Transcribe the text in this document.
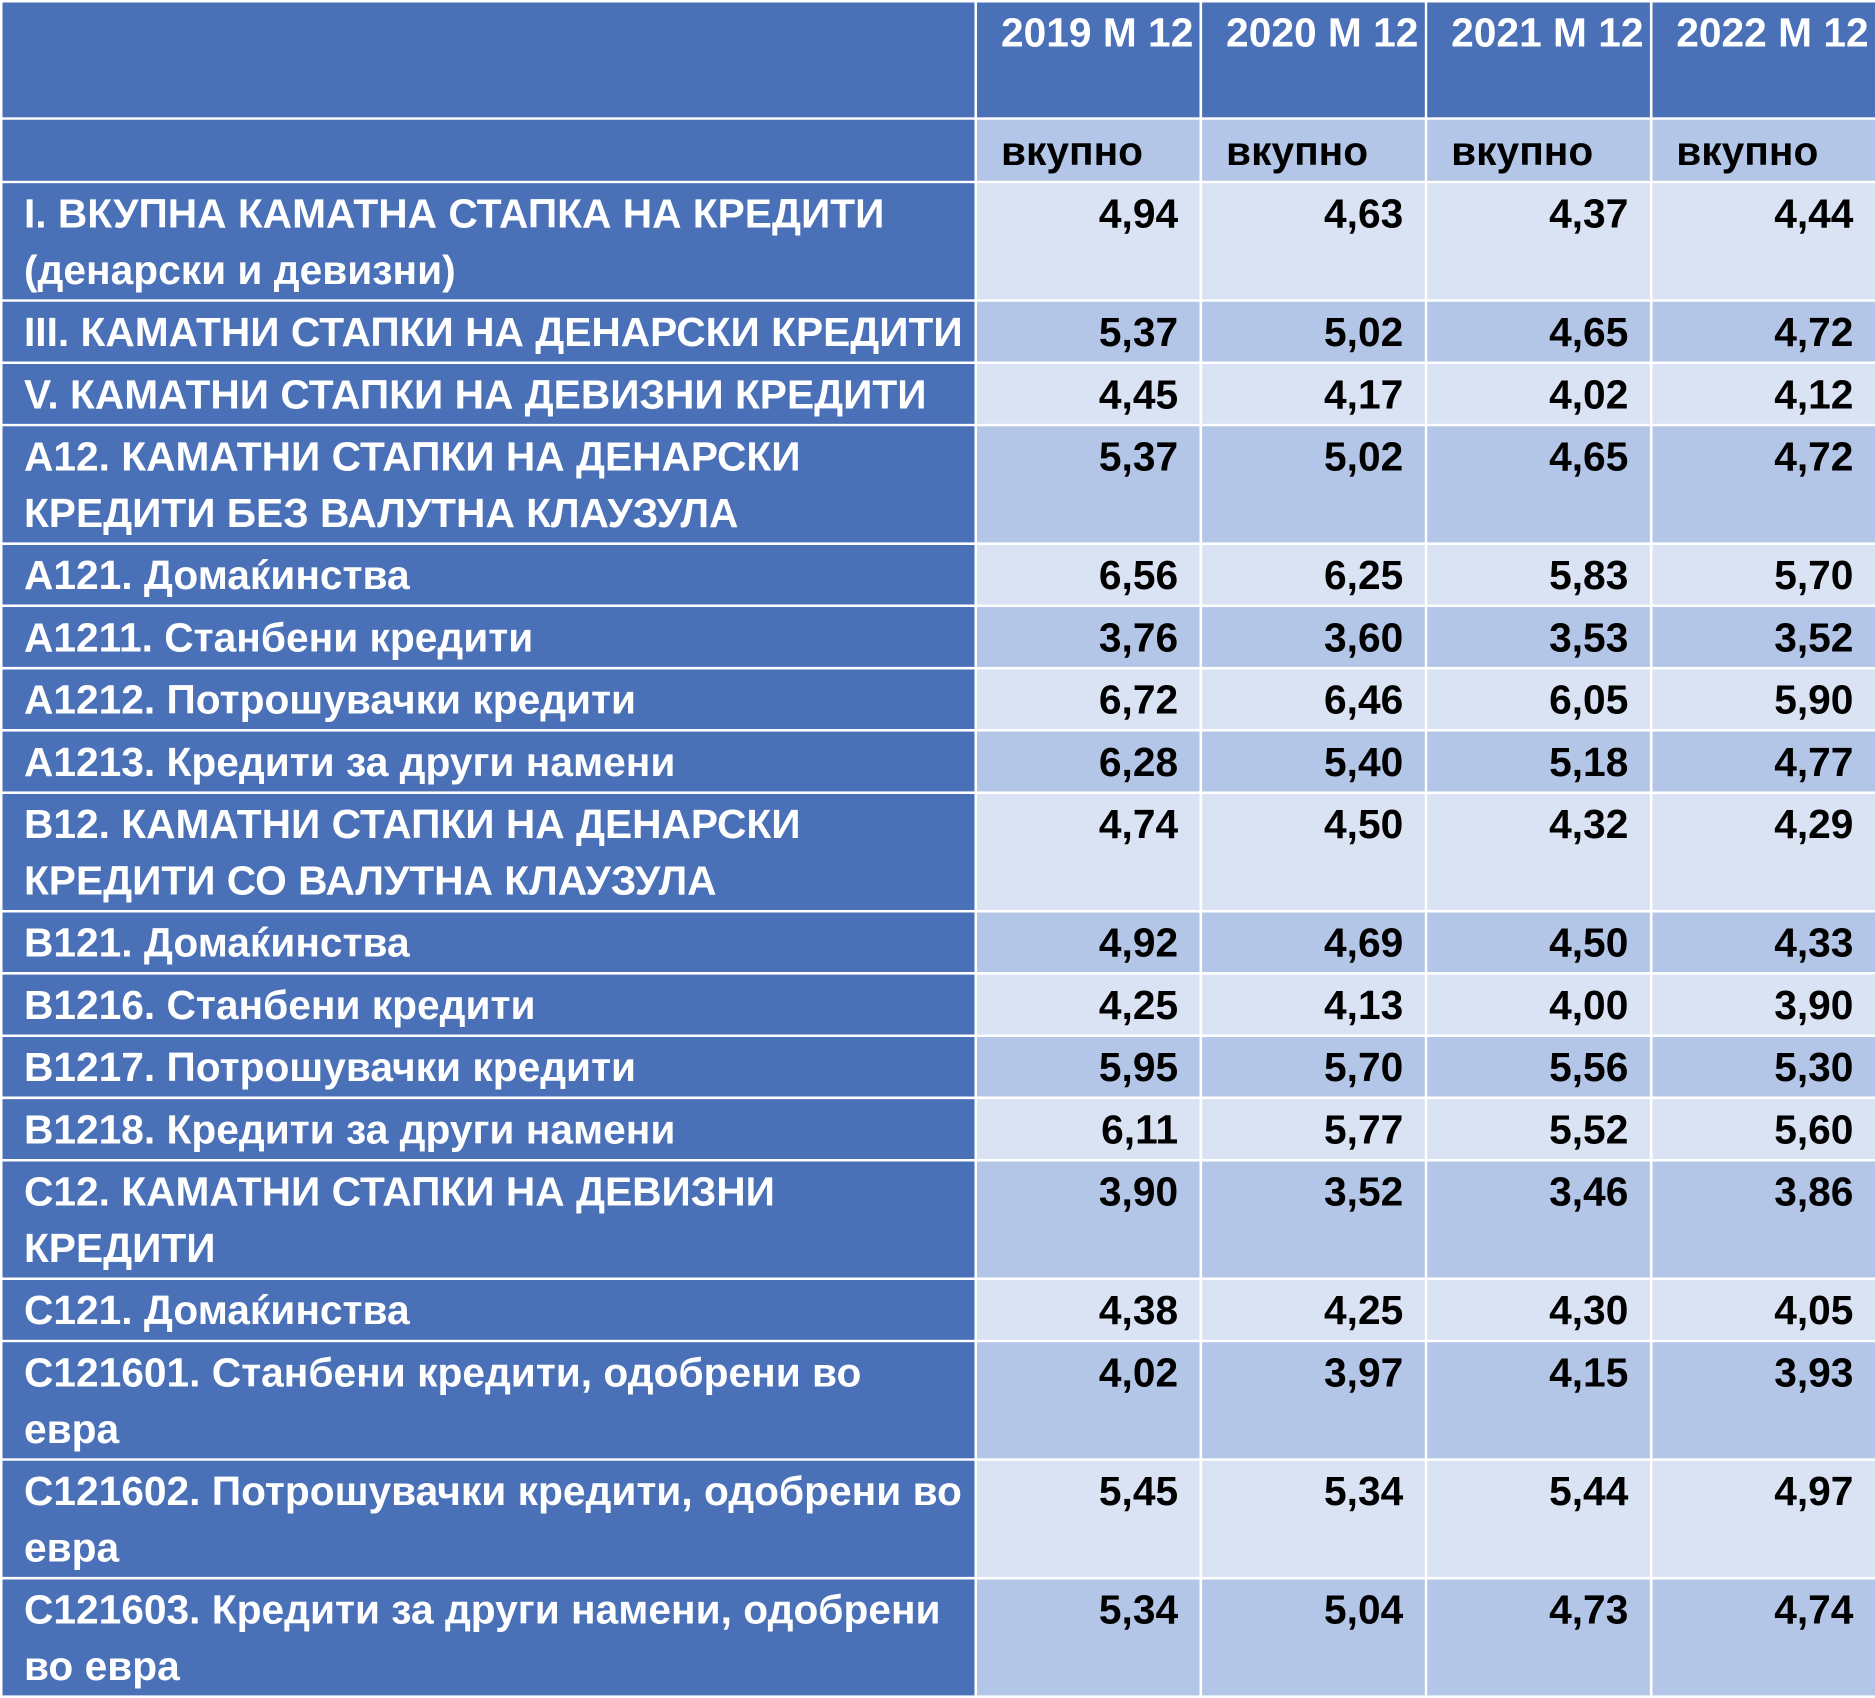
	2019 M 12	2020 M 12	2021 M 12	2022 M 12
	вкупно	вкупно	вкупно	вкупно
I. ВКУПНА КАМАТНА СТАПКА НА КРЕДИТИ (денарски и девизни)	4,94	4,63	4,37	4,44
III. КАМАТНИ СТАПКИ НА ДЕНАРСКИ КРЕДИТИ	5,37	5,02	4,65	4,72
V. КАМАТНИ СТАПКИ НА ДЕВИЗНИ КРЕДИТИ	4,45	4,17	4,02	4,12
А12. КАМАТНИ СТАПКИ НА ДЕНАРСКИ КРЕДИТИ БЕЗ ВАЛУТНА КЛАУЗУЛА	5,37	5,02	4,65	4,72
А121. Домаќинства	6,56	6,25	5,83	5,70
А1211. Станбени кредити	3,76	3,60	3,53	3,52
А1212. Потрошувачки кредити	6,72	6,46	6,05	5,90
А1213. Кредити за други намени	6,28	5,40	5,18	4,77
В12. КАМАТНИ СТАПКИ НА ДЕНАРСКИ КРЕДИТИ СО ВАЛУТНА КЛАУЗУЛА	4,74	4,50	4,32	4,29
В121. Домаќинства	4,92	4,69	4,50	4,33
В1216. Станбени кредити	4,25	4,13	4,00	3,90
В1217. Потрошувачки кредити	5,95	5,70	5,56	5,30
В1218. Кредити за други намени	6,11	5,77	5,52	5,60
С12. КАМАТНИ СТАПКИ НА ДЕВИЗНИ КРЕДИТИ	3,90	3,52	3,46	3,86
С121. Домаќинства	4,38	4,25	4,30	4,05
С121601. Станбени кредити, одобрени во евра	4,02	3,97	4,15	3,93
С121602. Потрошувачки кредити, одобрени во евра	5,45	5,34	5,44	4,97
С121603. Кредити за други намени, одобрени во евра	5,34	5,04	4,73	4,74
